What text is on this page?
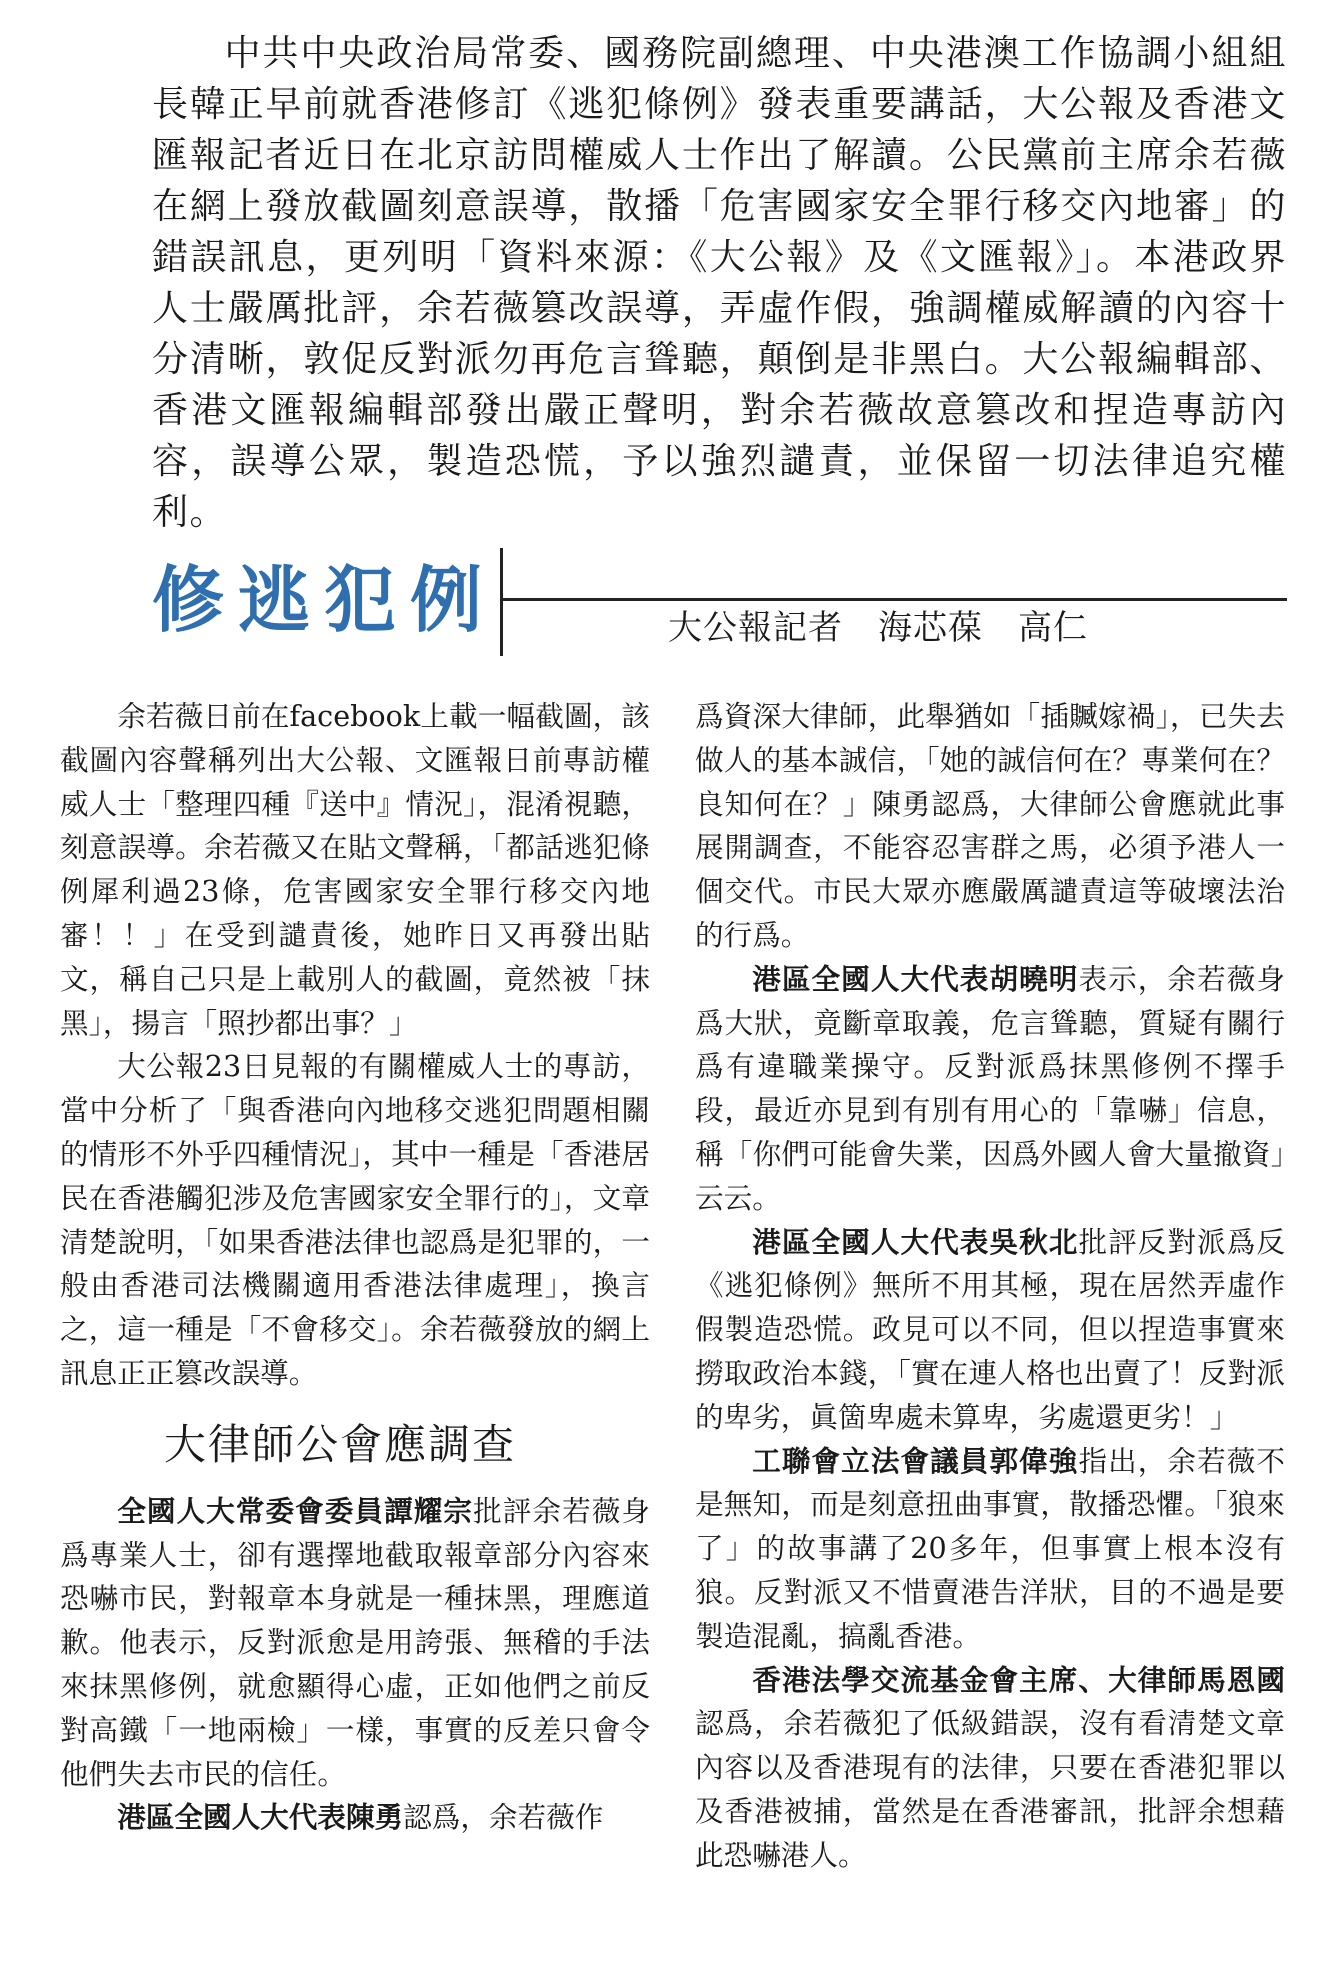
中共中央政治局常委、國務院副總理、中央港澳工作協調小組組長韓正早前就香港修訂《逃犯條例》發表重要講話，大公報及香港文匯報記者近日在北京訪問權威人士作出了解讀。公民黨前主席余若薇在網上發放截圖刻意誤導，散播「危害國家安全罪行移交內地審」的錯誤訊息，更列明「資料來源：《大公報》及《文匯報》」。本港政界人士嚴厲批評，余若薇篡改誤導，弄虛作假，強調權威解讀的內容十分清晰，敦促反對派勿再危言聳聽，顛倒是非黑白。大公報編輯部、香港文匯報編輯部發出嚴正聲明，對余若薇故意篡改和捏造專訪內容，誤導公眾，製造恐慌，予以強烈譴責，並保留一切法律追究權利。

修逃犯例	大公報記者　海芯葆　高仁

余若薇日前在facebook上載一幅截圖，該截圖內容聲稱列出大公報、文匯報日前專訪權威人士「整理四種『送中』情況」，混淆視聽，刻意誤導。余若薇又在貼文聲稱，「都話逃犯條例犀利過23條，危害國家安全罪行移交內地審！！」在受到譴責後，她昨日又再發出貼文，稱自己只是上載別人的截圖，竟然被「抹黑」，揚言「照抄都出事？」

大公報23日見報的有關權威人士的專訪，當中分析了「與香港向內地移交逃犯問題相關的情形不外乎四種情況」，其中一種是「香港居民在香港觸犯涉及危害國家安全罪行的」，文章清楚說明，「如果香港法律也認爲是犯罪的，一般由香港司法機關適用香港法律處理」，換言之，這一種是「不會移交」。余若薇發放的網上訊息正正篡改誤導。

大律師公會應調查

全國人大常委會委員譚耀宗批評余若薇身爲專業人士，卻有選擇地截取報章部分內容來恐嚇市民，對報章本身就是一種抹黑，理應道歉。他表示，反對派愈是用誇張、無稽的手法來抹黑修例，就愈顯得心虛，正如他們之前反對高鐵「一地兩檢」一樣，事實的反差只會令他們失去市民的信任。

港區全國人大代表陳勇認爲，余若薇作

爲資深大律師，此舉猶如「插贓嫁禍」，已失去做人的基本誠信，「她的誠信何在？專業何在？良知何在？」陳勇認爲，大律師公會應就此事展開調查，不能容忍害群之馬，必須予港人一個交代。市民大眾亦應嚴厲譴責這等破壞法治的行爲。

港區全國人大代表胡曉明表示，余若薇身爲大狀，竟斷章取義，危言聳聽，質疑有關行爲有違職業操守。反對派爲抹黑修例不擇手段，最近亦見到有別有用心的「靠嚇」信息，稱「你們可能會失業，因爲外國人會大量撤資」云云。

港區全國人大代表吳秋北批評反對派爲反《逃犯條例》無所不用其極，現在居然弄虛作假製造恐慌。政見可以不同，但以捏造事實來撈取政治本錢，「實在連人格也出賣了！反對派的卑劣，眞箇卑處未算卑，劣處還更劣！」

工聯會立法會議員郭偉強指出，余若薇不是無知，而是刻意扭曲事實，散播恐懼。「狼來了」的故事講了20多年，但事實上根本沒有狼。反對派又不惜賣港告洋狀，目的不過是要製造混亂，搞亂香港。

香港法學交流基金會主席、大律師馬恩國認爲，余若薇犯了低級錯誤，沒有看清楚文章內容以及香港現有的法律，只要在香港犯罪以及香港被捕，當然是在香港審訊，批評余想藉此恐嚇港人。
